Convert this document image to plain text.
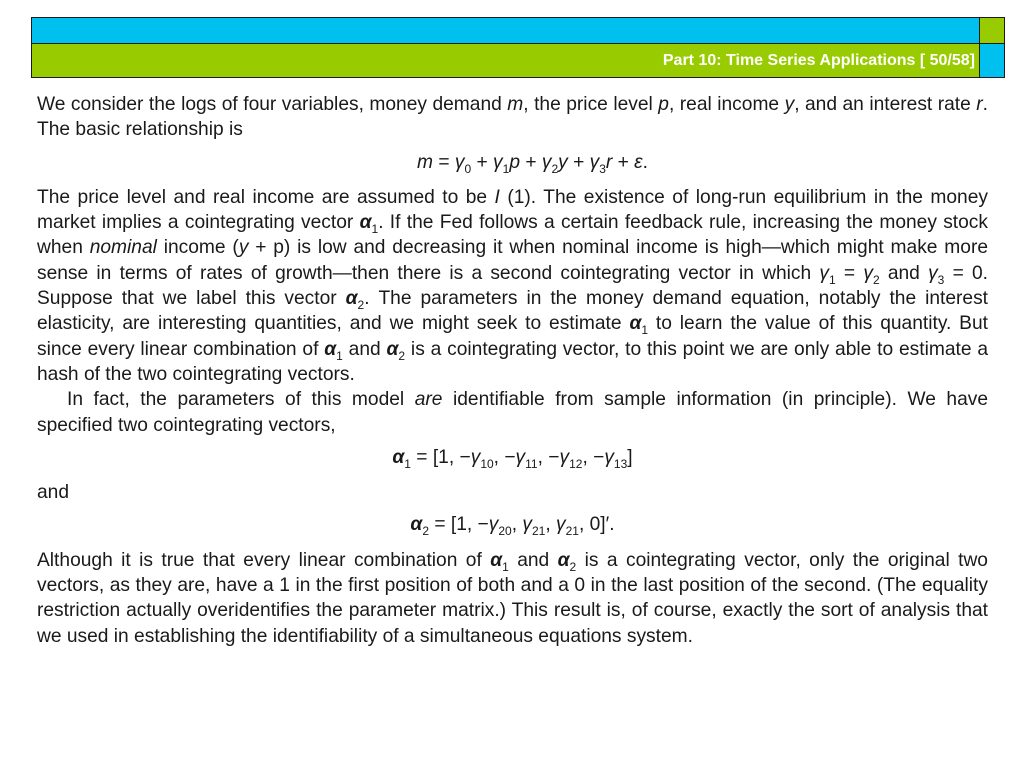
Part 10: Time Series Applications [ 50/58]

We consider the logs of four variables, money demand m, the price level p, real income y, and an interest rate r. The basic relationship is

$m = \gamma_0 + \gamma_1p + \gamma_2y + \gamma_3r + \varepsilon$.

The price level and real income are assumed to be I (1). The existence of long-run equilibrium in the money market implies a cointegrating vector $\alpha_1$. If the Fed follows a certain feedback rule, increasing the money stock when nominal income (y + p) is low and decreasing it when nominal income is high—which might make more sense in terms of rates of growth—then there is a second cointegrating vector in which $\gamma_1 = \gamma_2$ and $\gamma_3 = 0$. Suppose that we label this vector $\alpha_2$. The parameters in the money demand equation, notably the interest elasticity, are interesting quantities, and we might seek to estimate $\alpha_1$ to learn the value of this quantity. But since every linear combination of $\alpha_1$ and $\alpha_2$ is a cointegrating vector, to this point we are only able to estimate a hash of the two cointegrating vectors.

In fact, the parameters of this model are identifiable from sample information (in principle). We have specified two cointegrating vectors,

$\alpha_1 = [1$, $-\gamma_{10}$, $-\gamma_{11}$, $-\gamma_{12}$, $-\gamma_{13}$]

and

$\alpha_2 = [1$, $-\gamma_{20}$, $\gamma_{21}$, $\gamma_{21}$, 0]′.

Although it is true that every linear combination of $\alpha_1$ and $\alpha_2$ is a cointegrating vector, only the original two vectors, as they are, have a 1 in the first position of both and a 0 in the last position of the second. (The equality restriction actually overidentifies the parameter matrix.) This result is, of course, exactly the sort of analysis that we used in establishing the identifiability of a simultaneous equations system.
